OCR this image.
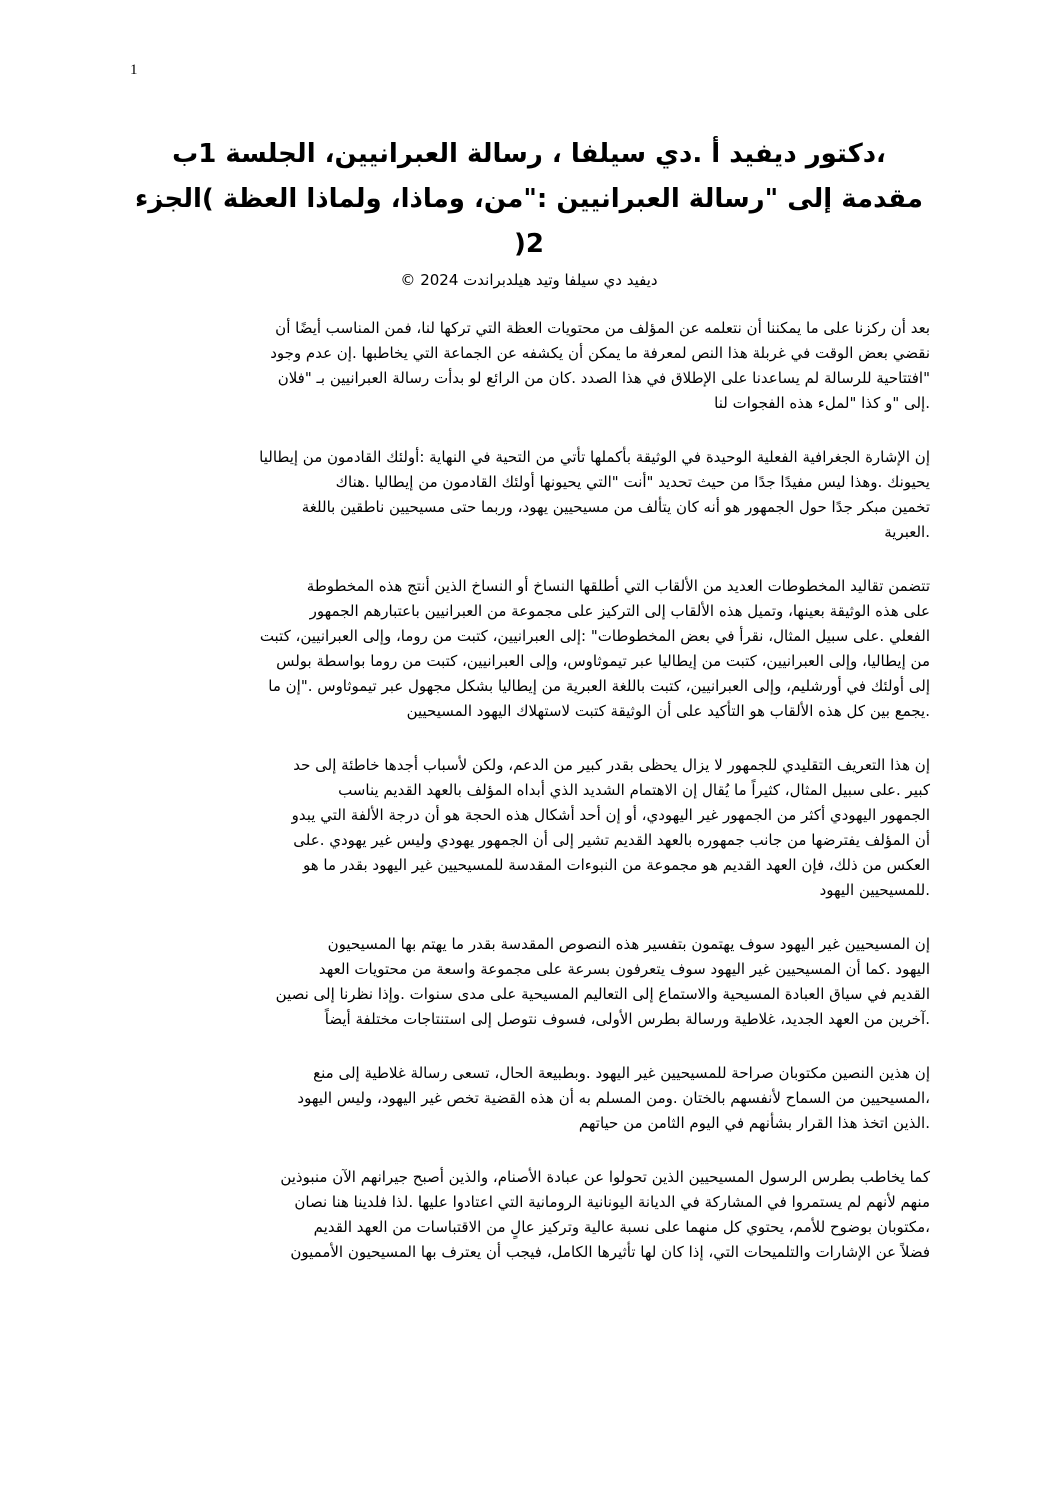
1
،دكتور ديفيد أ .دي سيلفا ، رسالة العبرانيين، الجلسة 1ب
مقدمة إلى "رسالة العبرانيين :"من، وماذا، ولماذا العظة )الجزء
2(
ديفيد دي سيلفا وتيد هيلدبراندت 2024 ©

بعد أن ركزنا على ما يمكننا أن نتعلمه عن المؤلف من محتويات العظة التي تركها لنا، فمن المناسب أيضًا أن
نقضي بعض الوقت في غربلة هذا النص لمعرفة ما يمكن أن يكشفه عن الجماعة التي يخاطبها .إن عدم وجود
"افتتاحية للرسالة لم يساعدنا على الإطلاق في هذا الصدد .كان من الرائع لو بدأت رسالة العبرانيين بـ "فلان
.إلى "و كذا "لملء هذه الفجوات لنا

إن الإشارة الجغرافية الفعلية الوحيدة في الوثيقة بأكملها تأتي من التحية في النهاية :أولئك القادمون من إيطاليا
يحيونك .وهذا ليس مفيدًا جدًا من حيث تحديد "أنت "التي يحيونها أولئك القادمون من إيطاليا .هناك
تخمين مبكر جدًا حول الجمهور هو أنه كان يتألف من مسيحيين يهود، وربما حتى مسيحيين ناطقين باللغة
.العبرية

تتضمن تقاليد المخطوطات العديد من الألقاب التي أطلقها النساخ أو النساخ الذين أنتج هذه المخطوطة
على هذه الوثيقة بعينها، وتميل هذه الألقاب إلى التركيز على مجموعة من العبرانيين باعتبارهم الجمهور
الفعلي .على سبيل المثال، نقرأ في بعض المخطوطات" :إلى العبرانيين، كتبت من روما، وإلى العبرانيين، كتبت
من إيطاليا، وإلى العبرانيين، كتبت من إيطاليا عبر تيموثاوس، وإلى العبرانيين، كتبت من روما بواسطة بولس
إلى أولئك في أورشليم، وإلى العبرانيين، كتبت باللغة العبرية من إيطاليا بشكل مجهول عبر تيموثاوس ."إن ما
.يجمع بين كل هذه الألقاب هو التأكيد على أن الوثيقة كتبت لاستهلاك اليهود المسيحيين

إن هذا التعريف التقليدي للجمهور لا يزال يحظى بقدر كبير من الدعم، ولكن لأسباب أجدها خاطئة إلى حد
كبير .على سبيل المثال، كثيراً ما يُقال إن الاهتمام الشديد الذي أبداه المؤلف بالعهد القديم يناسب
الجمهور اليهودي أكثر من الجمهور غير اليهودي، أو إن أحد أشكال هذه الحجة هو أن درجة الألفة التي يبدو
أن المؤلف يفترضها من جانب جمهوره بالعهد القديم تشير إلى أن الجمهور يهودي وليس غير يهودي .على
العكس من ذلك، فإن العهد القديم هو مجموعة من النبوءات المقدسة للمسيحيين غير اليهود بقدر ما هو
.للمسيحيين اليهود

إن المسيحيين غير اليهود سوف يهتمون بتفسير هذه النصوص المقدسة بقدر ما يهتم بها المسيحيون
اليهود .كما أن المسيحيين غير اليهود سوف يتعرفون بسرعة على مجموعة واسعة من محتويات العهد
القديم في سياق العبادة المسيحية والاستماع إلى التعاليم المسيحية على مدى سنوات .وإذا نظرنا إلى نصين
.آخرين من العهد الجديد، غلاطية ورسالة بطرس الأولى، فسوف نتوصل إلى استنتاجات مختلفة أيضاً

إن هذين النصين مكتوبان صراحة للمسيحيين غير اليهود .وبطبيعة الحال، تسعى رسالة غلاطية إلى منع
،المسيحيين من السماح لأنفسهم بالختان .ومن المسلم به أن هذه القضية تخص غير اليهود، وليس اليهود
.الذين اتخذ هذا القرار بشأنهم في اليوم الثامن من حياتهم

كما يخاطب بطرس الرسول المسيحيين الذين تحولوا عن عبادة الأصنام، والذين أصبح جيرانهم الآن منبوذين
منهم لأنهم لم يستمروا في المشاركة في الديانة اليونانية الرومانية التي اعتادوا عليها .لذا فلدينا هنا نصان
،مكتوبان بوضوح للأمم، يحتوي كل منهما على نسبة عالية وتركيز عالٍ من الاقتباسات من العهد القديم
فضلاً عن الإشارات والتلميحات التي، إذا كان لها تأثيرها الكامل، فيجب أن يعترف بها المسيحيون الأمميون
